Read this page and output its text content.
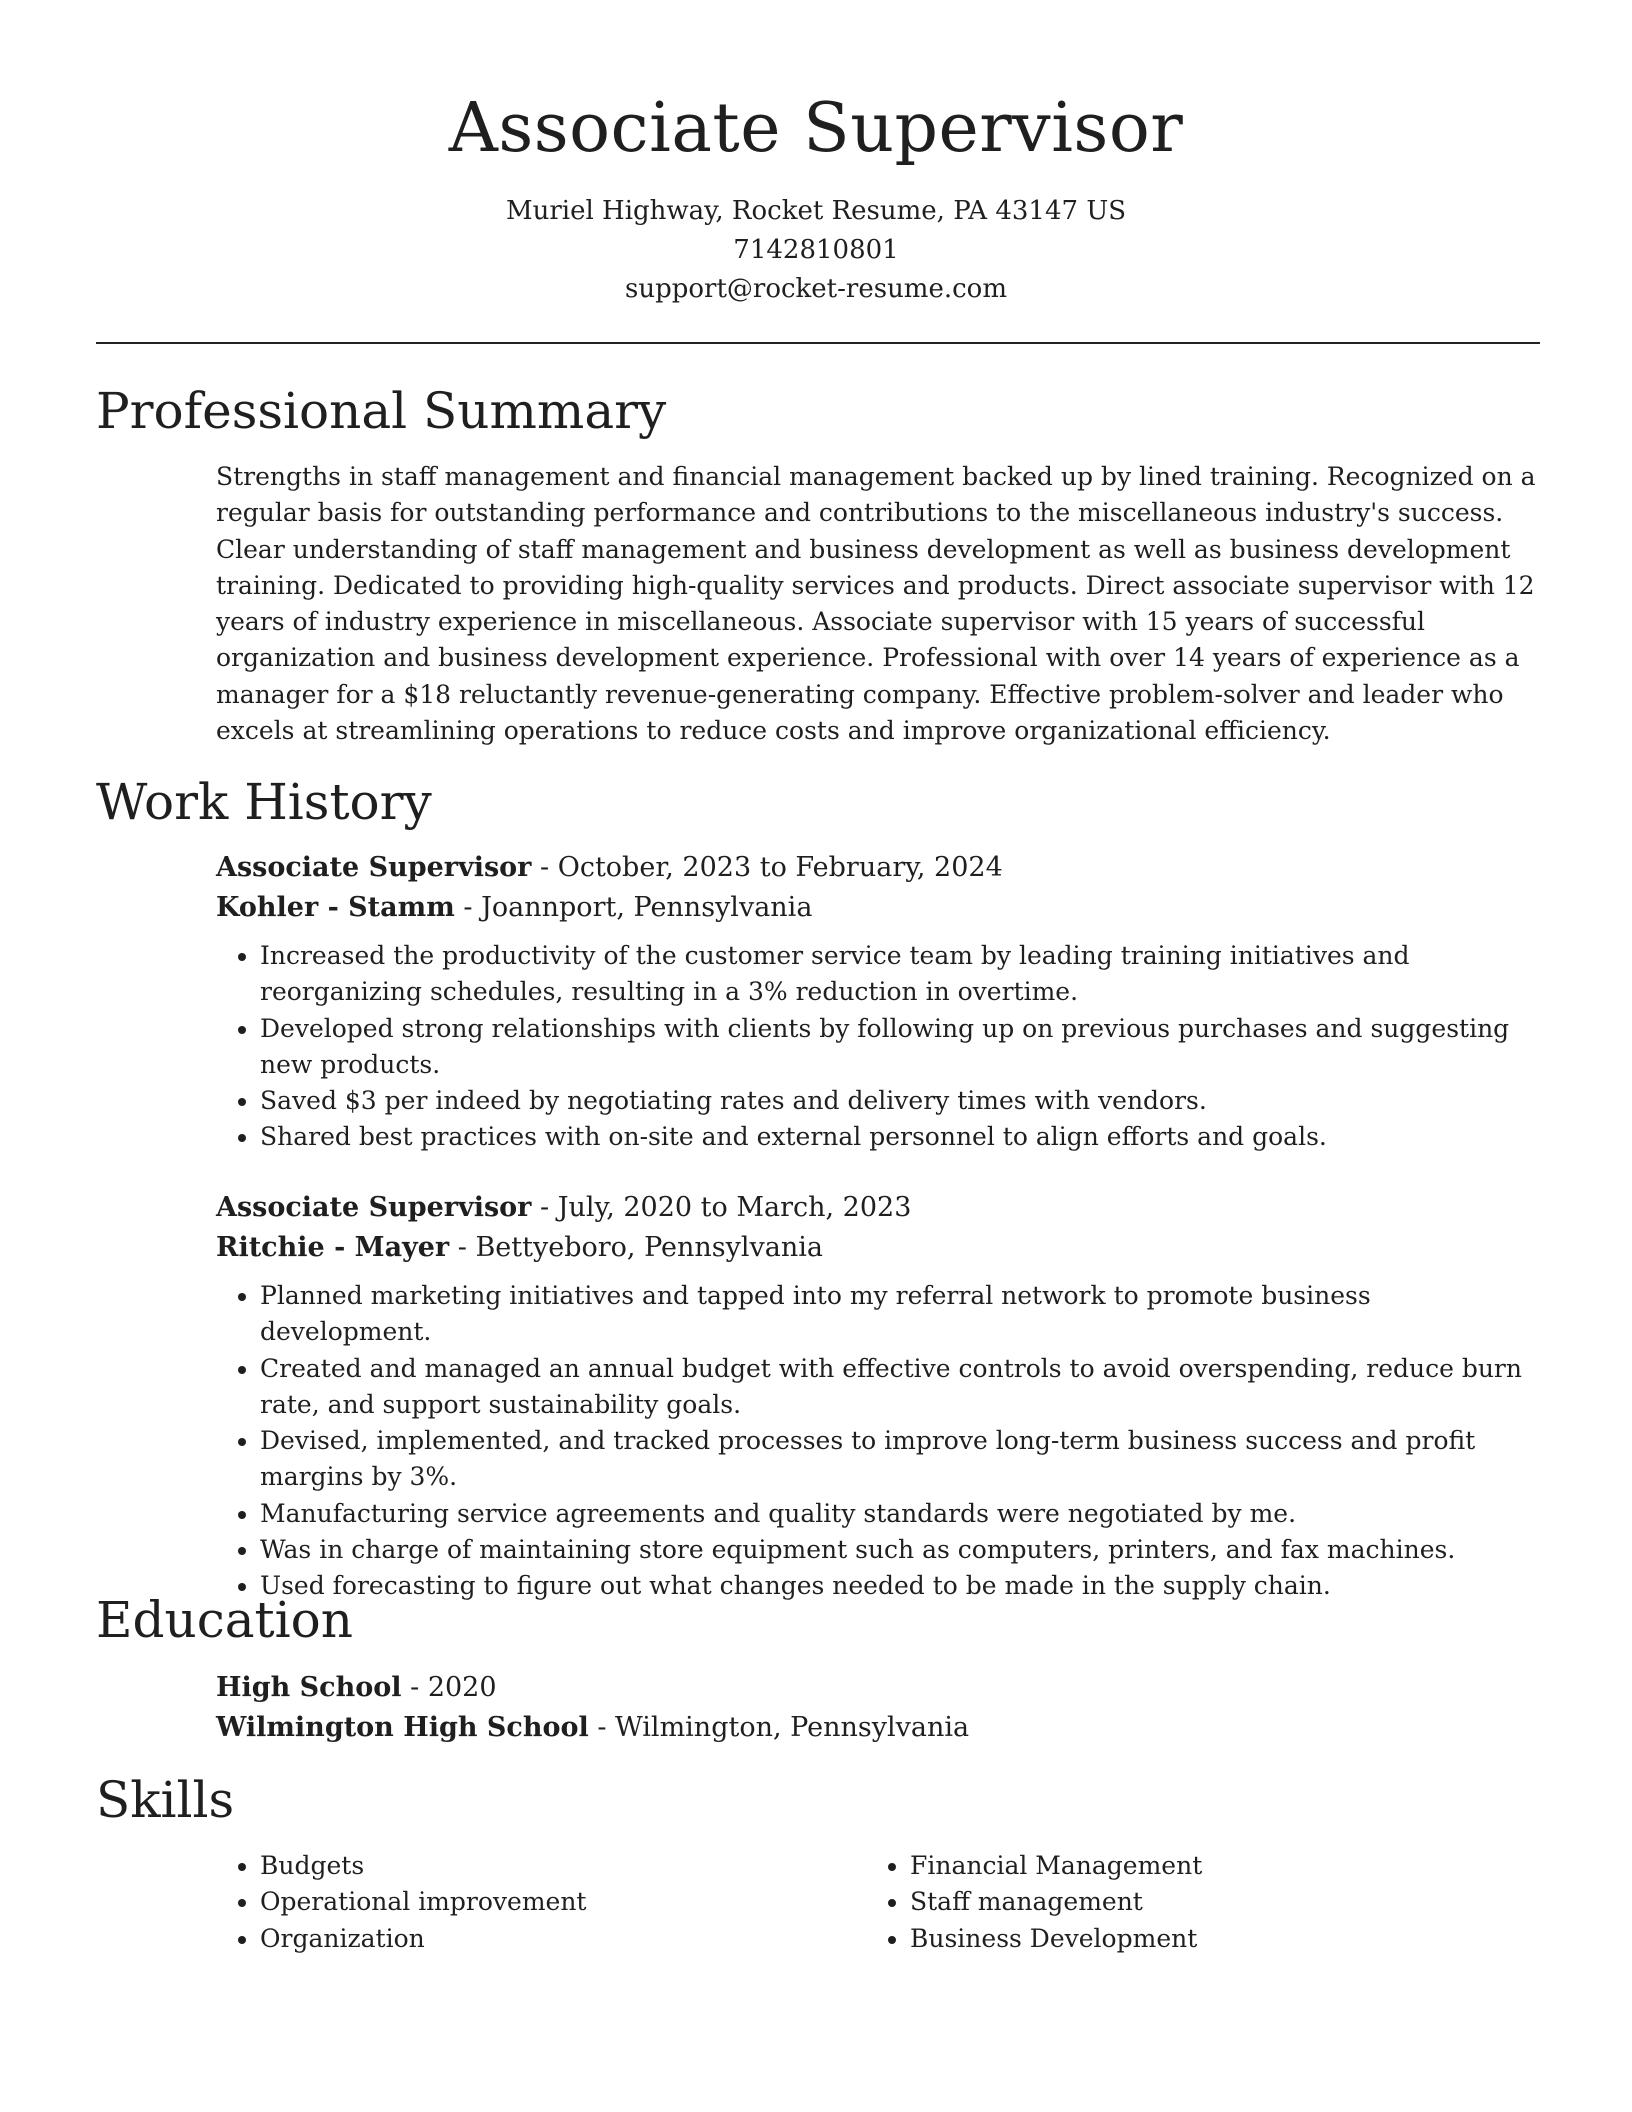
Associate Supervisor
Muriel Highway, Rocket Resume, PA 43147 US
7142810801
support@rocket-resume.com
Professional Summary

Strengths in staff management and financial management backed up by lined training. Recognized on a regular basis for outstanding performance and contributions to the miscellaneous industry's success. Clear understanding of staff management and business development as well as business development training. Dedicated to providing high-quality services and products. Direct associate supervisor with 12 years of industry experience in miscellaneous. Associate supervisor with 15 years of successful organization and business development experience. Professional with over 14 years of experience as a manager for a $18 reluctantly revenue-generating company. Effective problem-solver and leader who excels at streamlining operations to reduce costs and improve organizational efficiency.

Work History
Associate Supervisor - October, 2023 to February, 2024
Kohler - Stamm - Joannport, Pennsylvania
• Increased the productivity of the customer service team by leading training initiatives and reorganizing schedules, resulting in a 3% reduction in overtime.
• Developed strong relationships with clients by following up on previous purchases and suggesting new products.
• Saved $3 per indeed by negotiating rates and delivery times with vendors.
• Shared best practices with on-site and external personnel to align efforts and goals.
Associate Supervisor - July, 2020 to March, 2023
Ritchie - Mayer - Bettyeboro, Pennsylvania
• Planned marketing initiatives and tapped into my referral network to promote business development.
• Created and managed an annual budget with effective controls to avoid overspending, reduce burn rate, and support sustainability goals.
• Devised, implemented, and tracked processes to improve long-term business success and profit margins by 3%.
• Manufacturing service agreements and quality standards were negotiated by me.
• Was in charge of maintaining store equipment such as computers, printers, and fax machines.
• Used forecasting to figure out what changes needed to be made in the supply chain.
Education
High School - 2020
Wilmington High School - Wilmington, Pennsylvania
Skills
• Budgets
• Operational improvement
• Organization
• Financial Management
• Staff management
• Business Development
